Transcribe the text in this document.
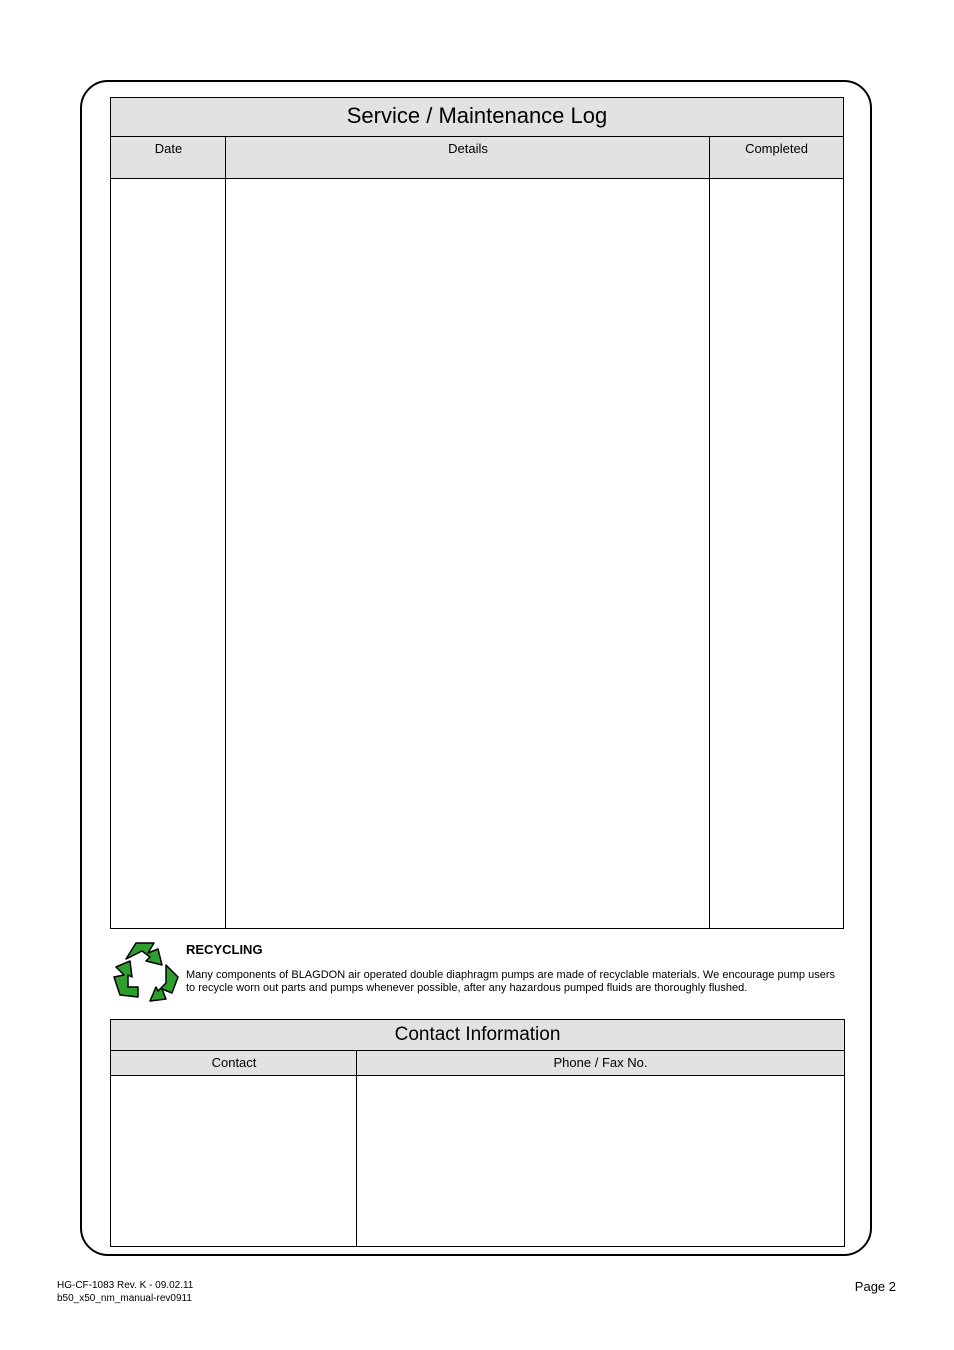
Service / Maintenance Log
Date	Details	Completed
RECYCLING
Many components of BLAGDON air operated double diaphragm pumps are made of recyclable materials. We encourage pump users to recycle worn out parts and pumps whenever possible, after any hazardous pumped fluids are thoroughly flushed.
Contact Information
Contact	Phone / Fax No.
HG-CF-1083 Rev. K - 09.02.11
b50_x50_nm_manual-rev0911
Page 2
